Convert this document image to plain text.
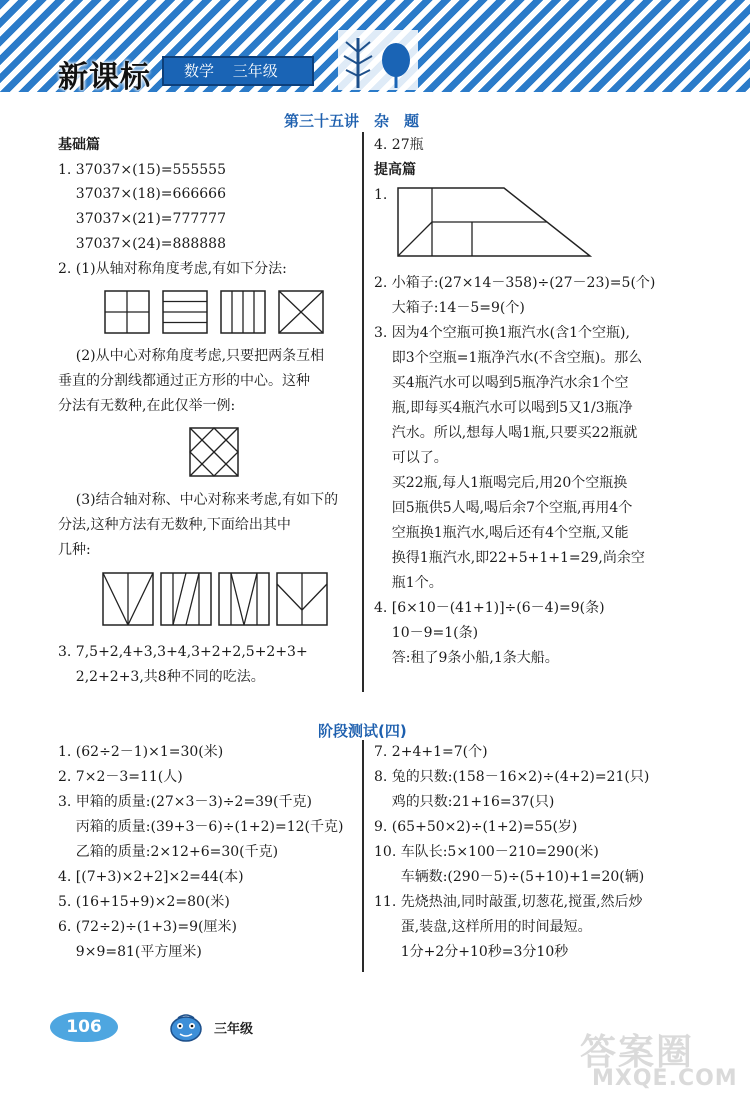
新课标	数学 三年级
第三十五讲　杂　题
基础篇
1. 37037×(15)=555555
37037×(18)=666666
37037×(21)=777777
37037×(24)=888888
2. (1)从轴对称角度考虑,有如下分法:
(2)从中心对称角度考虑,只要把两条互相
垂直的分割线都通过正方形的中心。这种
分法有无数种,在此仅举一例:
(3)结合轴对称、中心对称来考虑,有如下的
分法,这种方法有无数种,下面给出其中
几种:
3. 7,5+2,4+3,3+4,3+2+2,5+2+3+
2,2+2+3,共8种不同的吃法。
4. 27瓶
提高篇
1.
2. 小箱子:(27×14－358)÷(27－23)=5(个)
大箱子:14－5=9(个)
3. 因为4个空瓶可换1瓶汽水(含1个空瓶),
即3个空瓶=1瓶净汽水(不含空瓶)。那么
买4瓶汽水可以喝到5瓶净汽水余1个空
瓶,即每买4瓶汽水可以喝到5又1/3瓶净
汽水。所以,想每人喝1瓶,只要买22瓶就
可以了。
买22瓶,每人1瓶喝完后,用20个空瓶换
回5瓶供5人喝,喝后余7个空瓶,再用4个
空瓶换1瓶汽水,喝后还有4个空瓶,又能
换得1瓶汽水,即22+5+1+1=29,尚余空
瓶1个。
4. [6×10－(41+1)]÷(6－4)=9(条)
10－9=1(条)
答:租了9条小船,1条大船。
阶段测试(四)
1. (62÷2－1)×1=30(米)
2. 7×2－3=11(人)
3. 甲箱的质量:(27×3－3)÷2=39(千克)
丙箱的质量:(39+3－6)÷(1+2)=12(千克)
乙箱的质量:2×12+6=30(千克)
4. [(7+3)×2+2]×2=44(本)
5. (16+15+9)×2=80(米)
6. (72÷2)÷(1+3)=9(厘米)
9×9=81(平方厘米)
7. 2+4+1=7(个)
8. 兔的只数:(158－16×2)÷(4+2)=21(只)
鸡的只数:21+16=37(只)
9. (65+50×2)÷(1+2)=55(岁)
10. 车队长:5×100－210=290(米)
车辆数:(290－5)÷(5+10)+1=20(辆)
11. 先烧热油,同时敲蛋,切葱花,搅蛋,然后炒
蛋,装盘,这样所用的时间最短。
1分+2分+10秒=3分10秒
106	三年级
答案圈
MXQE.COM
